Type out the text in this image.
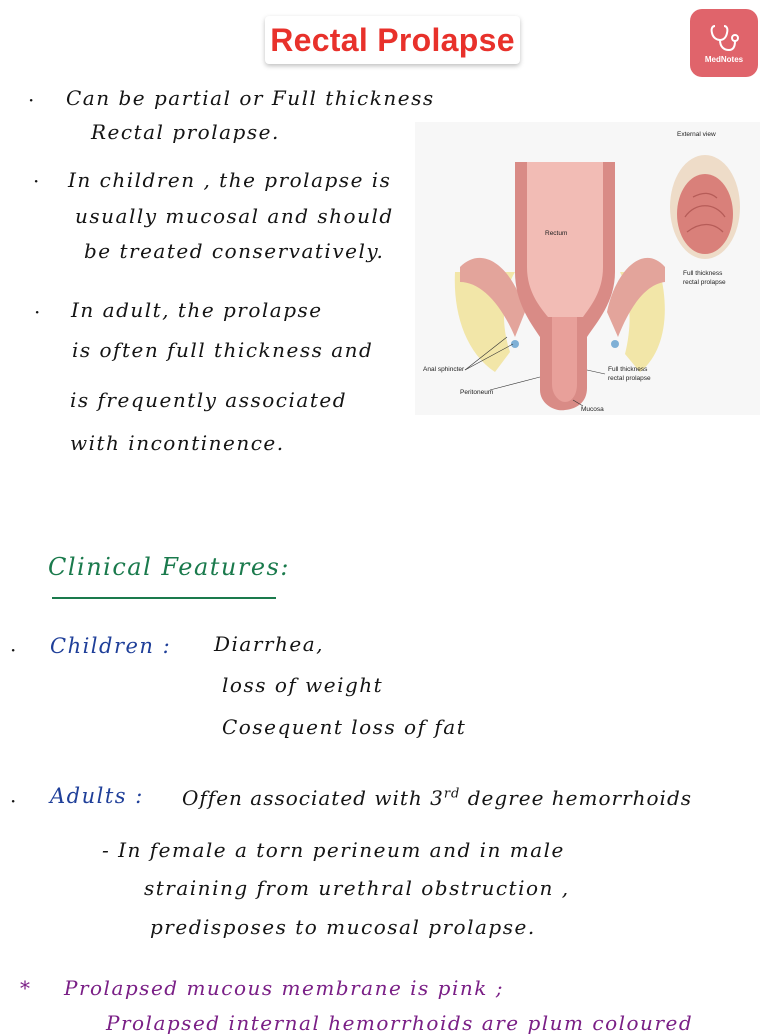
Rectal Prolapse
MedNotes
· Can be partial or Full thickness

Rectal prolapse.

· In children , the prolapse is

usually mucosal and should

be treated conservatively.

· In adult, the prolapse

is often full thickness and

is frequently associated

with incontinence.

External view
Rectum
Full thickness
rectal prolapse
Anal sphincter
Peritoneum
Full thickness
rectal prolapse
Mucosa

Clinical Features:

· Children : Diarrhea,

loss of weight

Cosequent loss of fat

· Adults : Offen associated with 3rd degree hemorrhoids

- In female a torn perineum and in male

straining from urethral obstruction ,

predisposes to mucosal prolapse.

* Prolapsed mucous membrane is pink ;

Prolapsed internal hemorrhoids are plum coloured
